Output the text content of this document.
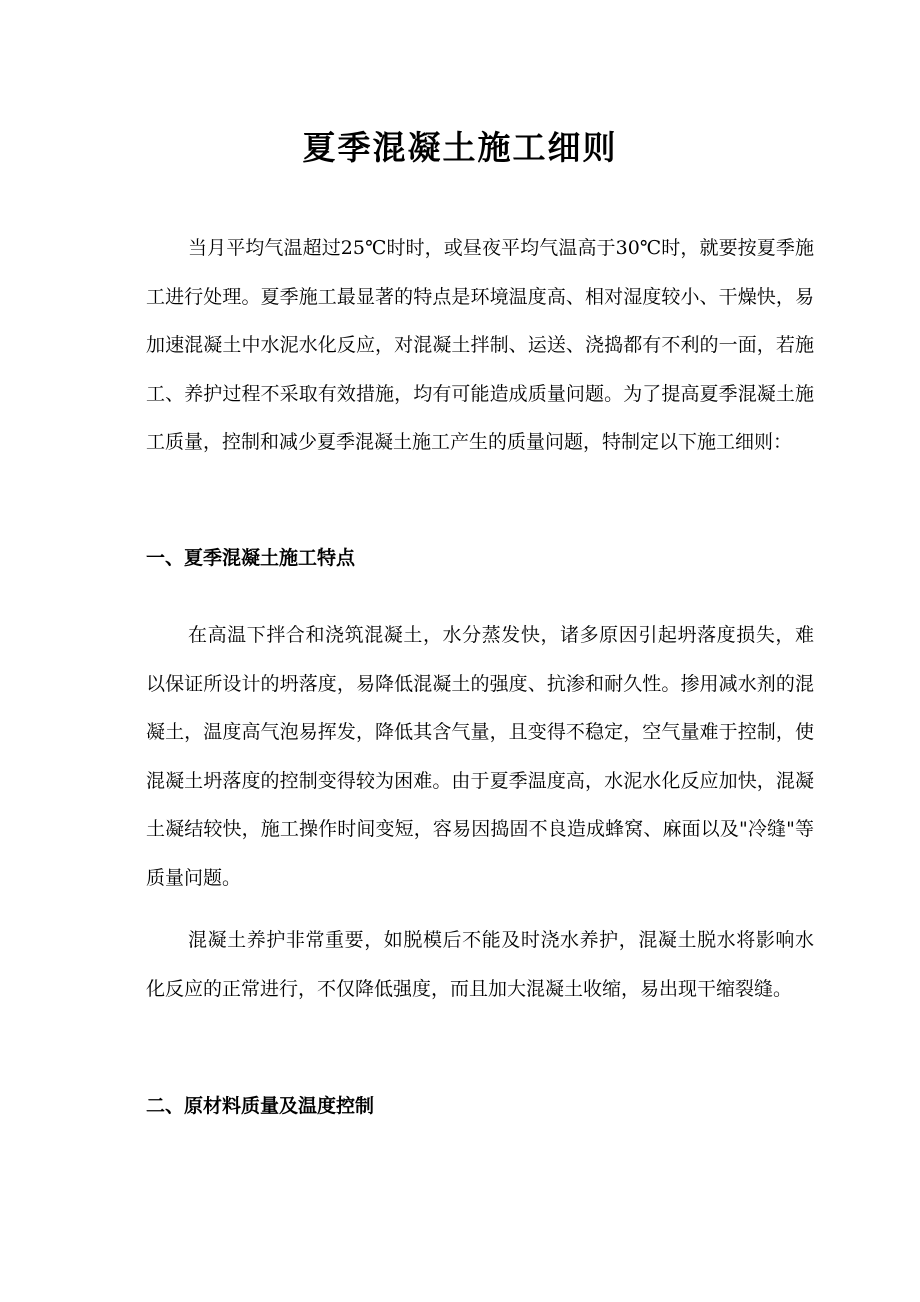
夏季混凝土施工细则

当月平均气温超过25℃时时，或昼夜平均气温高于30℃时，就要按夏季施工进行处理。夏季施工最显著的特点是环境温度高、相对湿度较小、干燥快，易加速混凝土中水泥水化反应，对混凝土拌制、运送、浇捣都有不利的一面，若施工、养护过程不采取有效措施，均有可能造成质量问题。为了提高夏季混凝土施工质量，控制和减少夏季混凝土施工产生的质量问题，特制定以下施工细则：

一、夏季混凝土施工特点

在高温下拌合和浇筑混凝土，水分蒸发快，诸多原因引起坍落度损失，难以保证所设计的坍落度，易降低混凝土的强度、抗渗和耐久性。掺用减水剂的混凝土，温度高气泡易挥发，降低其含气量，且变得不稳定，空气量难于控制，使混凝土坍落度的控制变得较为困难。由于夏季温度高，水泥水化反应加快，混凝土凝结较快，施工操作时间变短，容易因捣固不良造成蜂窝、麻面以及"冷缝"等质量问题。

混凝土养护非常重要，如脱模后不能及时浇水养护，混凝土脱水将影响水化反应的正常进行，不仅降低强度，而且加大混凝土收缩，易出现干缩裂缝。

二、原材料质量及温度控制
